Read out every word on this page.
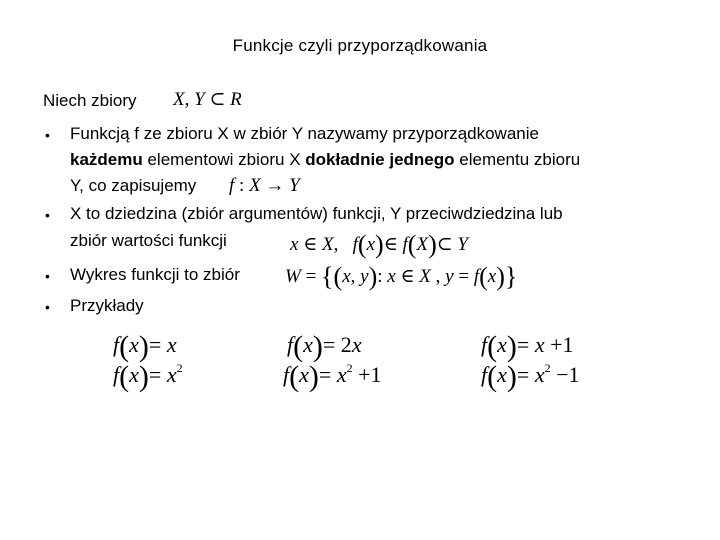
Funkcje czyli przyporządkowania
Niech zbiory X, Y ⊂ R
• Funkcją f ze zbioru X w zbiór Y nazywamy przyporządkowanie
każdemu elementowi zbioru X dokładnie jednego elementu zbioru
Y, co zapisujemy f : X → Y
• X to dziedzina (zbiór argumentów) funkcji, Y przeciwdziedzina lub
zbiór wartości funkcji	x ∈ X,   f(x)∈ f(X)⊂ Y
• Wykres funkcji to zbiór W = {(x, y): x ∈ X , y = f(x)}
• Przykłady
f(x)= x
$f(x)= x^2$
f(x)= 2x
$f(x)= x^2 +1$
f(x)= x +1
$f(x)= x^2 -1$
